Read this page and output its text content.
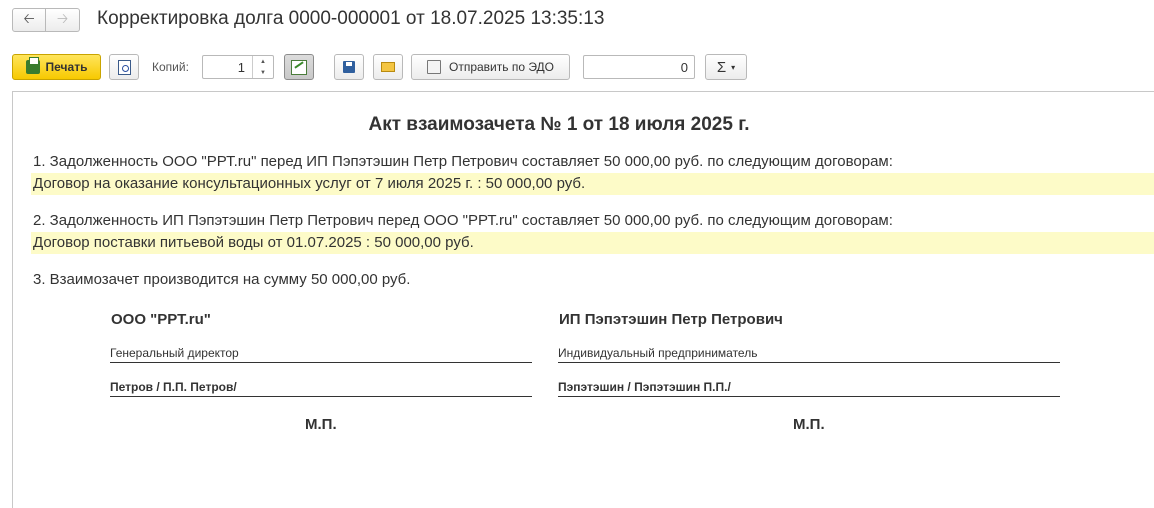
🡠 🡢 Корректировка долга 0000-000001 от 18.07.2025 13:35:13
Печать	Копий:	1	▲
▼	Отправить по ЭДО	0 Σ ▾
Акт взаимозачета № 1 от 18 июля 2025 г.
1. Задолженность ООО "РРТ.ru" перед ИП Пэпэтэшин Петр Петрович составляет 50 000,00 руб. по следующим договорам:
Договор на оказание консультационных услуг от 7 июля 2025 г. : 50 000,00 руб.
2. Задолженность ИП Пэпэтэшин Петр Петрович перед ООО "РРТ.ru" составляет 50 000,00 руб. по следующим договорам:
Договор поставки питьевой воды от 01.07.2025 : 50 000,00 руб.
3. Взаимозачет производится на сумму 50 000,00 руб.
ООО "РРТ.ru"	ИП Пэпэтэшин Петр Петрович
Генеральный директор	Индивидуальный предприниматель
Петров / П.П. Петров/	Пэпэтэшин / Пэпэтэшин П.П./
М.П.	М.П.
